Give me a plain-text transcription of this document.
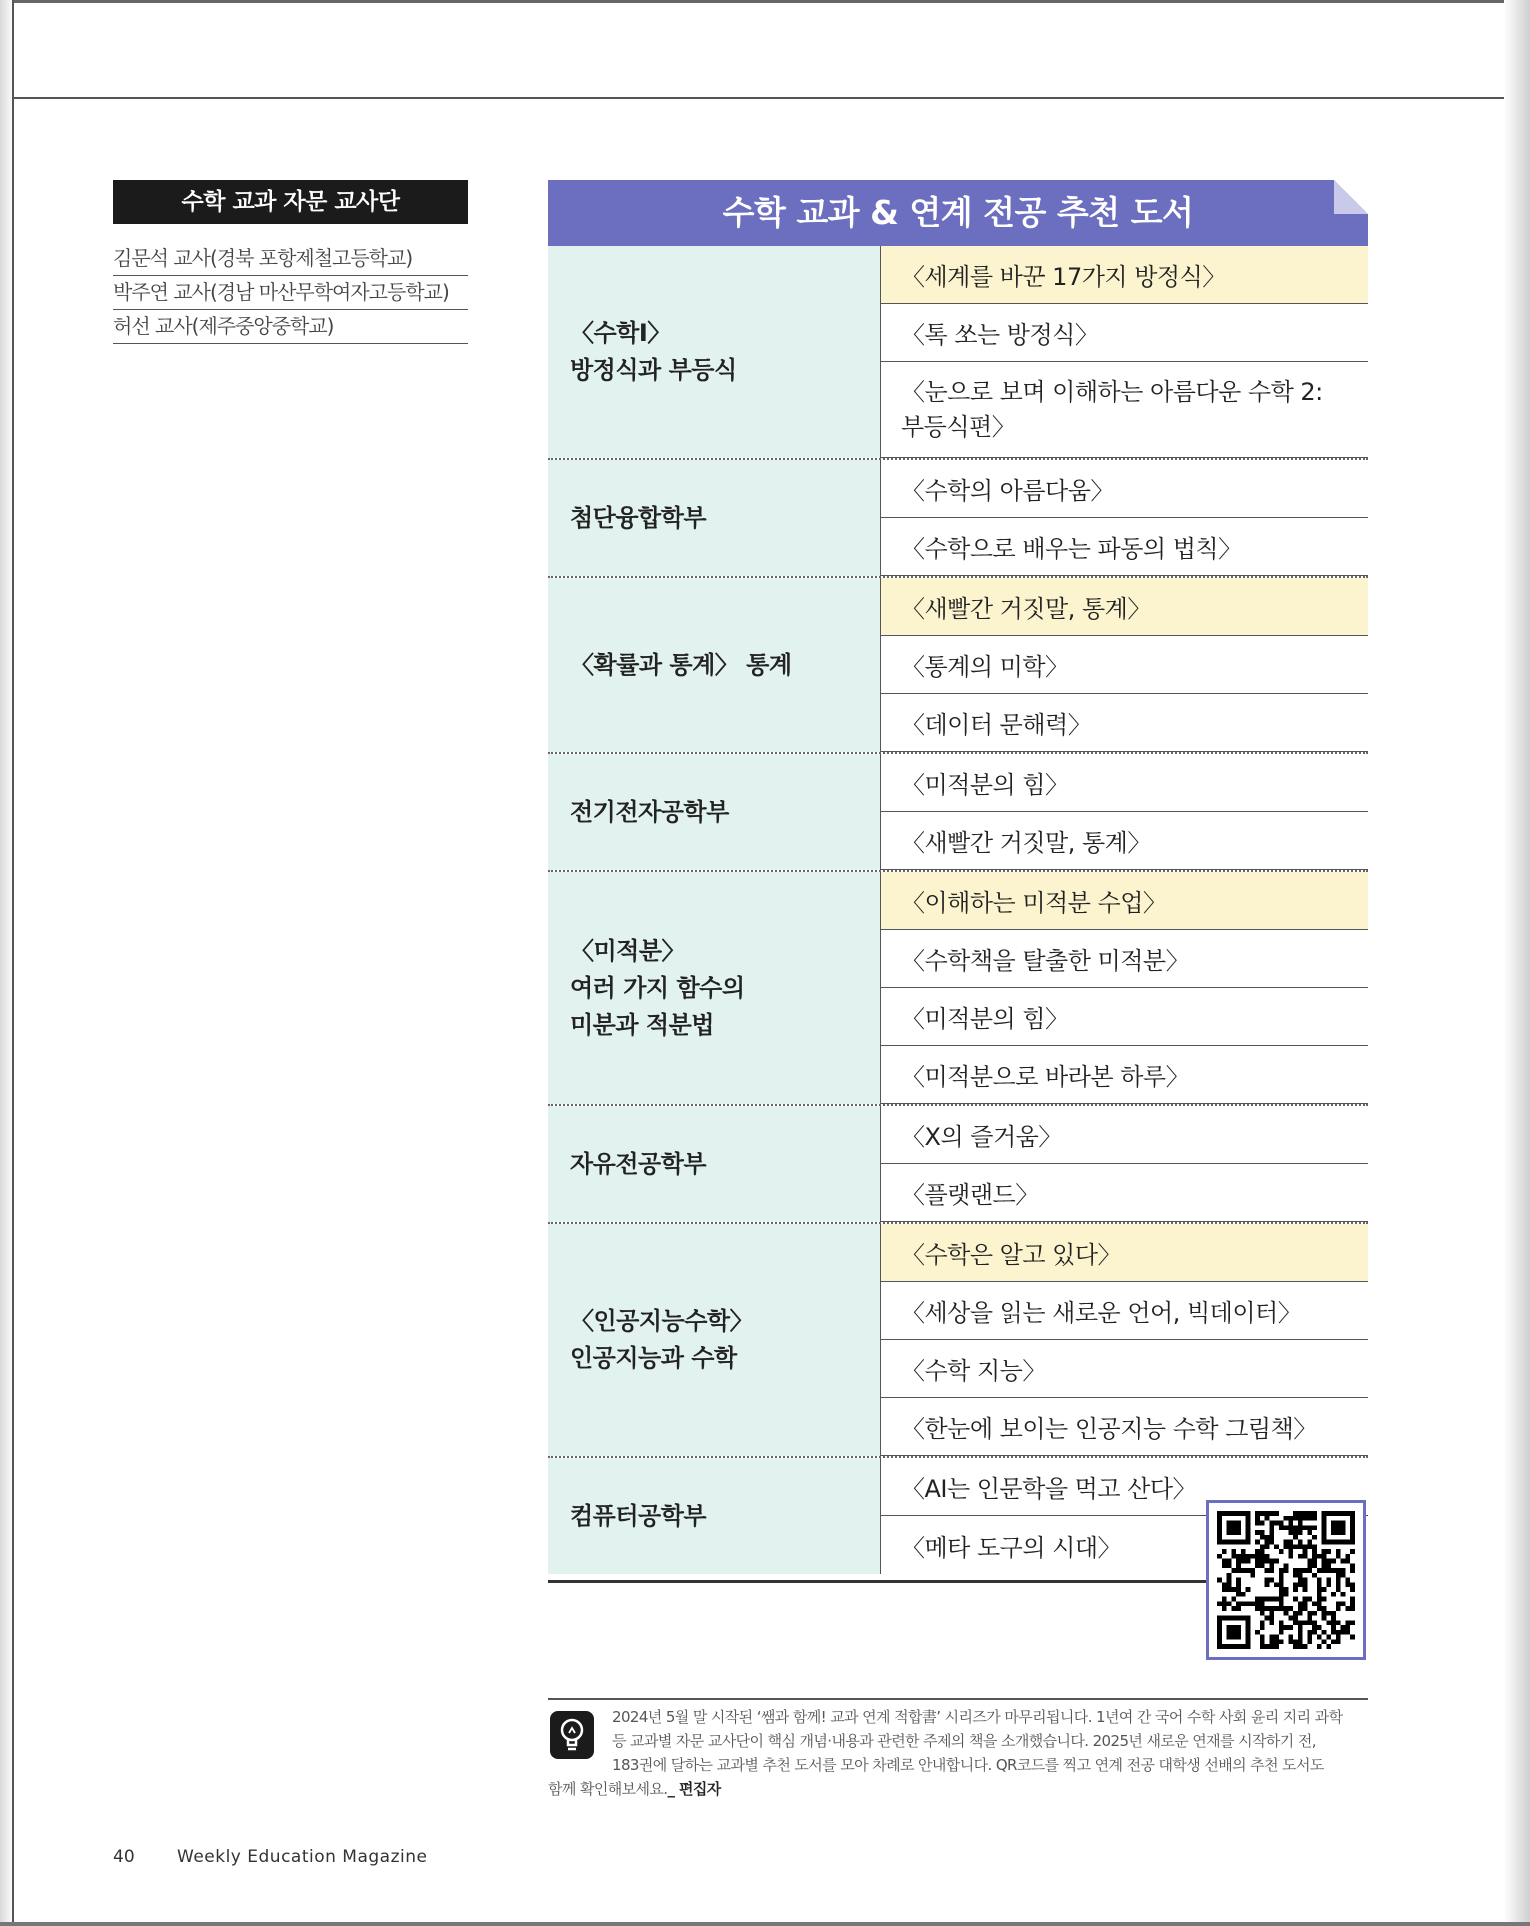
수학 교과 자문 교사단
김문석 교사(경북 포항제철고등학교)
박주연 교사(경남 마산무학여자고등학교)
허선 교사(제주중앙중학교)
수학 교과 & 연계 전공 추천 도서
〈수학Ⅰ〉
방정식과 부등식
〈세계를 바꾼 17가지 방정식〉
〈톡 쏘는 방정식〉
〈눈으로 보며 이해하는 아름다운 수학 2:
부등식편〉
첨단융합학부
〈수학의 아름다움〉
〈수학으로 배우는 파동의 법칙〉
〈확률과 통계〉 통계
〈새빨간 거짓말, 통계〉
〈통계의 미학〉
〈데이터 문해력〉
전기전자공학부
〈미적분의 힘〉
〈새빨간 거짓말, 통계〉
〈미적분〉
여러 가지 함수의
미분과 적분법
〈이해하는 미적분 수업〉
〈수학책을 탈출한 미적분〉
〈미적분의 힘〉
〈미적분으로 바라본 하루〉
자유전공학부
〈X의 즐거움〉
〈플랫랜드〉
〈인공지능수학〉
인공지능과 수학
〈수학은 알고 있다〉
〈세상을 읽는 새로운 언어, 빅데이터〉
〈수학 지능〉
〈한눈에 보이는 인공지능 수학 그림책〉
컴퓨터공학부
〈AI는 인문학을 먹고 산다〉
〈메타 도구의 시대〉
2024년 5월 말 시작된 ‘쌤과 함께! 교과 연계 적합書’ 시리즈가 마무리됩니다. 1년여 간 국어 수학 사회 윤리 지리 과학
등 교과별 자문 교사단이 핵심 개념·내용과 관련한 주제의 책을 소개했습니다. 2025년 새로운 연재를 시작하기 전,
183권에 달하는 교과별 추천 도서를 모아 차례로 안내합니다. QR코드를 찍고 연계 전공 대학생 선배의 추천 도서도
함께 확인해보세요._ 편집자
40 Weekly Education Magazine
